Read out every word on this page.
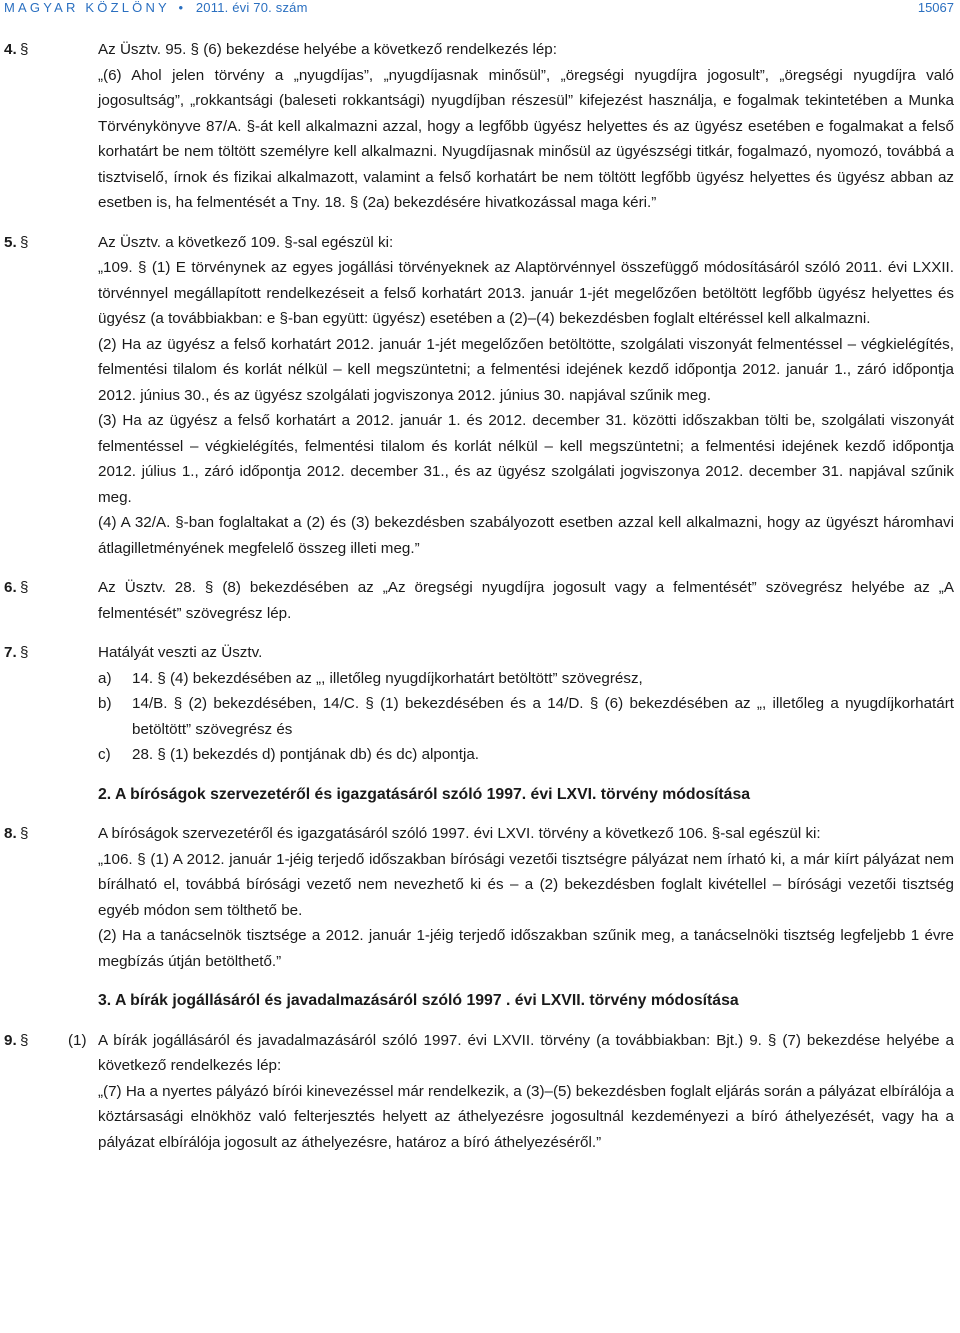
MAGYAR KÖZLÖNY • 2011. évi 70. szám	15067
4. §	Az Üsztv. 95. § (6) bekezdése helyébe a következő rendelkezés lép:

„(6) Ahol jelen törvény a „nyugdíjas”, „nyugdíjasnak minősül”, „öregségi nyugdíjra jogosult”, „öregségi nyugdíjra való jogosultság”, „rokkantsági (baleseti rokkantsági) nyugdíjban részesül” kifejezést használja, e fogalmak tekintetében a Munka Törvénykönyve 87/A. §-át kell alkalmazni azzal, hogy a legfőbb ügyész helyettes és az ügyész esetében e fogalmakat a felső korhatárt be nem töltött személyre kell alkalmazni. Nyugdíjasnak minősül az ügyészségi titkár, fogalmazó, nyomozó, továbbá a tisztviselő, írnok és fizikai alkalmazott, valamint a felső korhatárt be nem töltött legfőbb ügyész helyettes és ügyész abban az esetben is, ha felmentését a Tny. 18. § (2a) bekezdésére hivatkozással maga kéri.”

5. §	Az Üsztv. a következő 109. §-sal egészül ki:

„109. § (1) E törvénynek az egyes jogállási törvényeknek az Alaptörvénnyel összefüggő módosításáról szóló 2011. évi LXXII. törvénnyel megállapított rendelkezéseit a felső korhatárt 2013. január 1-jét megelőzően betöltött legfőbb ügyész helyettes és ügyész (a továbbiakban: e §-ban együtt: ügyész) esetében a (2)–(4) bekezdésben foglalt eltéréssel kell alkalmazni.

(2) Ha az ügyész a felső korhatárt 2012. január 1-jét megelőzően betöltötte, szolgálati viszonyát felmentéssel – végkielégítés, felmentési tilalom és korlát nélkül – kell megszüntetni; a felmentési idejének kezdő időpontja 2012. január 1., záró időpontja 2012. június 30., és az ügyész szolgálati jogviszonya 2012. június 30. napjával szűnik meg.

(3) Ha az ügyész a felső korhatárt a 2012. január 1. és 2012. december 31. közötti időszakban tölti be, szolgálati viszonyát felmentéssel – végkielégítés, felmentési tilalom és korlát nélkül – kell megszüntetni; a felmentési idejének kezdő időpontja 2012. július 1., záró időpontja 2012. december 31., és az ügyész szolgálati jogviszonya 2012. december 31. napjával szűnik meg.

(4) A 32/A. §-ban foglaltakat a (2) és (3) bekezdésben szabályozott esetben azzal kell alkalmazni, hogy az ügyészt háromhavi átlagilletményének megfelelő összeg illeti meg.”

6. §	Az Üsztv. 28. § (8) bekezdésében az „Az öregségi nyugdíjra jogosult vagy a felmentését” szövegrész helyébe az „A felmentését” szövegrész lép.

7. §	Hatályát veszti az Üsztv.

a) 14. § (4) bekezdésében az „, illetőleg nyugdíjkorhatárt betöltött” szövegrész,

b) 14/B. § (2) bekezdésében, 14/C. § (1) bekezdésében és a 14/D. § (6) bekezdésében az „, illetőleg a nyugdíjkorhatárt betöltött” szövegrész és

c) 28. § (1) bekezdés d) pontjának db) és dc) alpontja.

2. A bíróságok szervezetéről és igazgatásáról szóló 1997. évi LXVI. törvény módosítása

8. §	A bíróságok szervezetéről és igazgatásáról szóló 1997. évi LXVI. törvény a következő 106. §-sal egészül ki:

„106. § (1) A 2012. január 1-jéig terjedő időszakban bírósági vezetői tisztségre pályázat nem írható ki, a már kiírt pályázat nem bírálható el, továbbá bírósági vezető nem nevezhető ki és – a (2) bekezdésben foglalt kivétellel – bírósági vezetői tisztség egyéb módon sem tölthető be.

(2) Ha a tanácselnök tisztsége a 2012. január 1-jéig terjedő időszakban szűnik meg, a tanácselnöki tisztség legfeljebb 1 évre megbízás útján betölthető.”

3. A bírák jogállásáról és javadalmazásáról szóló 1997 . évi LXVII. törvény módosítása

9. §	(1) A bírák jogállásáról és javadalmazásáról szóló 1997. évi LXVII. törvény (a továbbiakban: Bjt.) 9. § (7) bekezdése helyébe a következő rendelkezés lép:

„(7) Ha a nyertes pályázó bírói kinevezéssel már rendelkezik, a (3)–(5) bekezdésben foglalt eljárás során a pályázat elbírálója a köztársasági elnökhöz való felterjesztés helyett az áthelyezésre jogosultnál kezdeményezi a bíró áthelyezését, vagy ha a pályázat elbírálója jogosult az áthelyezésre, határoz a bíró áthelyezéséről.”
